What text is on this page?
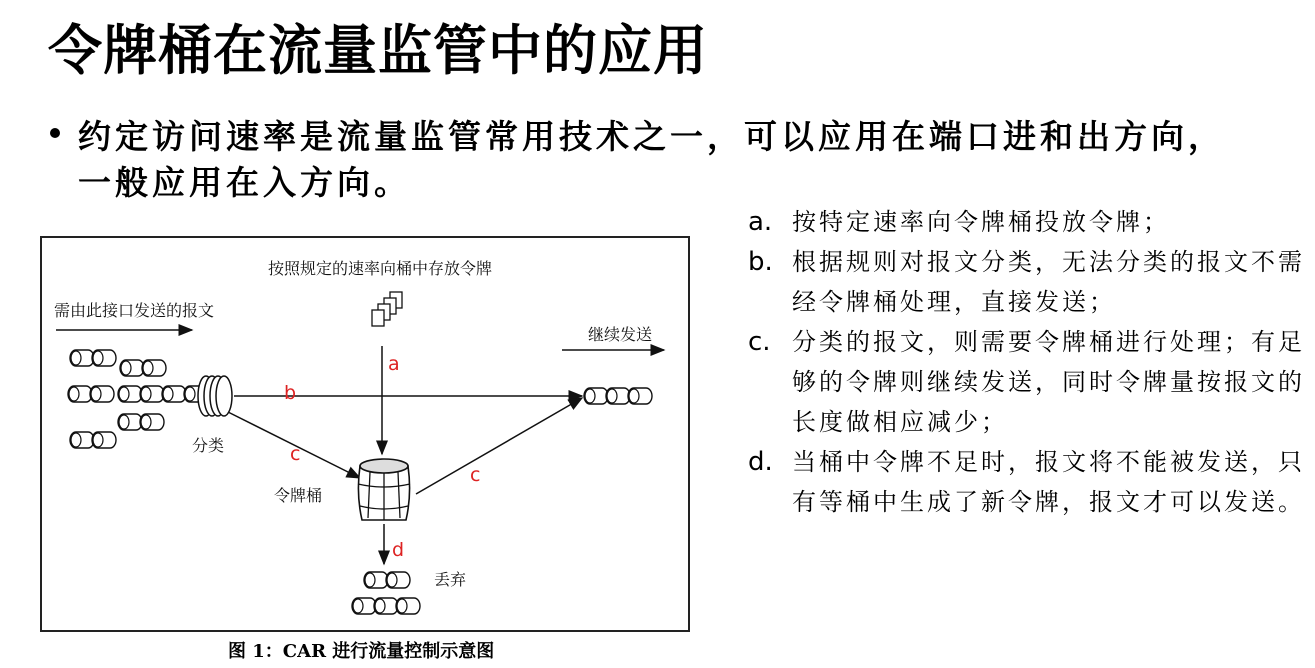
令牌桶在流量监管中的应用
约定访问速率是流量监管常用技术之一，可以应用在端口进和出方向，一般应用在入方向。
a. 按特定速率向令牌桶投放令牌；
b. 根据规则对报文分类，无法分类的报文不需经令牌桶处理，直接发送；
c. 分类的报文，则需要令牌桶进行处理；有足够的令牌则继续发送，同时令牌量按报文的长度做相应减少；
d. 当桶中令牌不足时，报文将不能被发送，只有等桶中生成了新令牌，报文才可以发送。
按照规定的速率向桶中存放令牌
需由此接口发送的报文
继续发送
分类
a
b
c
c
令牌桶
d
丢弃
图 1：CAR 进行流量控制示意图
